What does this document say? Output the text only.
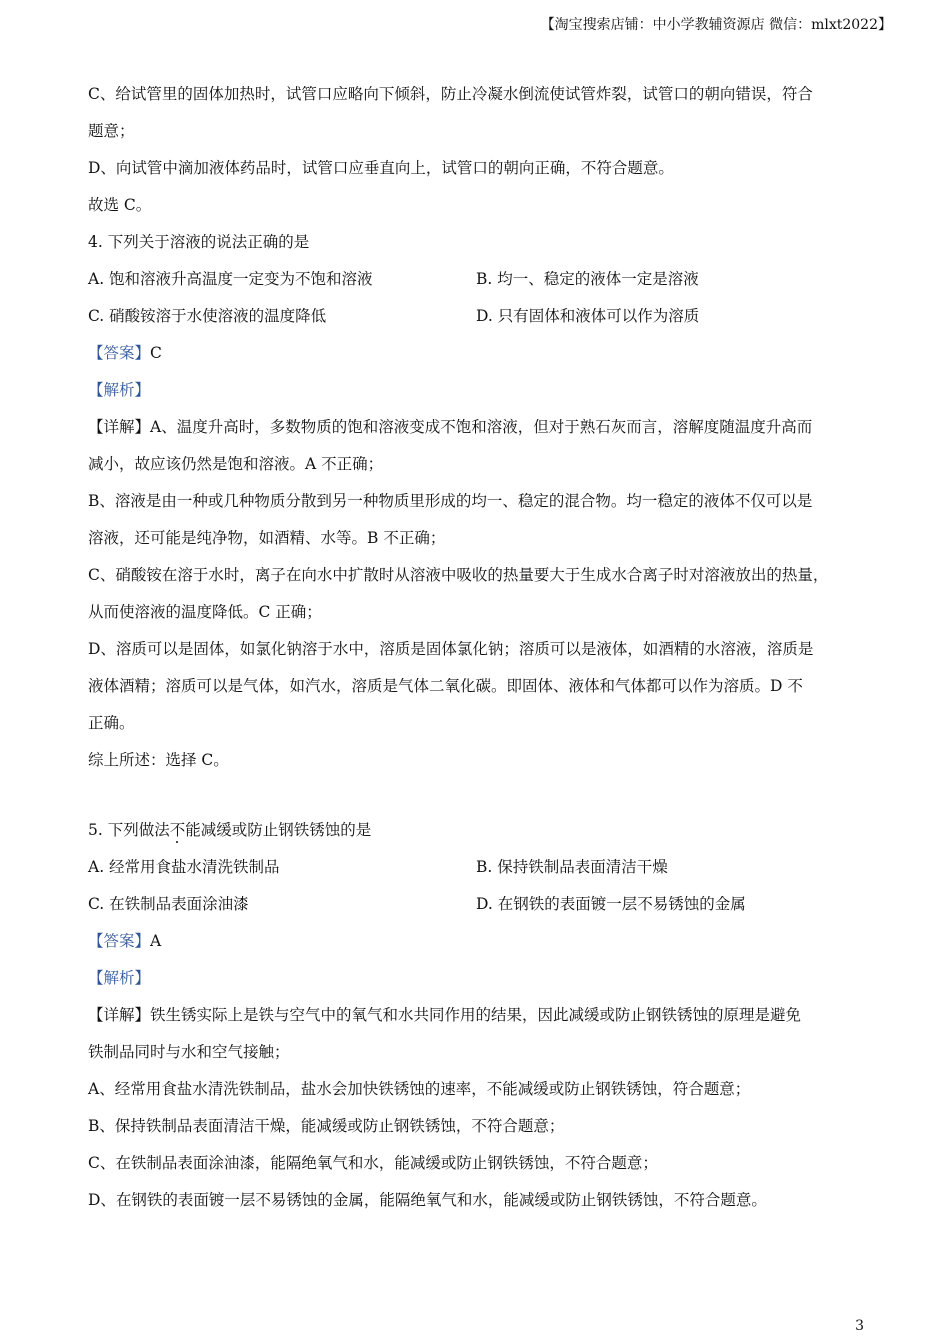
【淘宝搜索店铺：中小学教辅资源店 微信：mlxt2022】

C、给试管里的固体加热时，试管口应略向下倾斜，防止冷凝水倒流使试管炸裂，试管口的朝向错误，符合

题意；

D、向试管中滴加液体药品时，试管口应垂直向上，试管口的朝向正确，不符合题意。

故选 C。

4. 下列关于溶液的说法正确的是

A. 饱和溶液升高温度一定变为不饱和溶液	B. 均一、稳定的液体一定是溶液
C. 硝酸铵溶于水使溶液的温度降低	D. 只有固体和液体可以作为溶质

【答案】C

【解析】

【详解】A、温度升高时，多数物质的饱和溶液变成不饱和溶液，但对于熟石灰而言，溶解度随温度升高而

减小，故应该仍然是饱和溶液。A 不正确；

B、溶液是由一种或几种物质分散到另一种物质里形成的均一、稳定的混合物。均一稳定的液体不仅可以是

溶液，还可能是纯净物，如酒精、水等。B 不正确；

C、硝酸铵在溶于水时，离子在向水中扩散时从溶液中吸收的热量要大于生成水合离子时对溶液放出的热量，

从而使溶液的温度降低。C 正确；

D、溶质可以是固体，如氯化钠溶于水中，溶质是固体氯化钠；溶质可以是液体，如酒精的水溶液，溶质是

液体酒精；溶质可以是气体，如汽水，溶质是气体二氧化碳。即固体、液体和气体都可以作为溶质。D 不

正确。

综上所述：选择 C。

5. 下列做法不能减缓或防止钢铁锈蚀的是

A. 经常用食盐水清洗铁制品	B. 保持铁制品表面清洁干燥
C. 在铁制品表面涂油漆	D. 在钢铁的表面镀一层不易锈蚀的金属

【答案】A

【解析】

【详解】铁生锈实际上是铁与空气中的氧气和水共同作用的结果，因此减缓或防止钢铁锈蚀的原理是避免

铁制品同时与水和空气接触；

A、经常用食盐水清洗铁制品，盐水会加快铁锈蚀的速率，不能减缓或防止钢铁锈蚀，符合题意；

B、保持铁制品表面清洁干燥，能减缓或防止钢铁锈蚀，不符合题意；

C、在铁制品表面涂油漆，能隔绝氧气和水，能减缓或防止钢铁锈蚀，不符合题意；

D、在钢铁的表面镀一层不易锈蚀的金属，能隔绝氧气和水，能减缓或防止钢铁锈蚀，不符合题意。

3
